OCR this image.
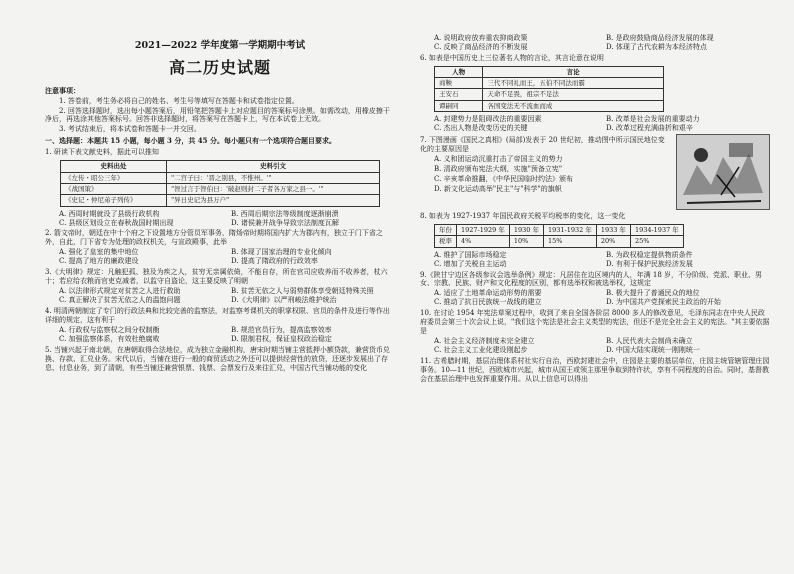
2021—2022 学年度第一学期期中考试
高二历史试题
注意事项：
1. 答卷前，考生务必将自己的姓名、考生号等填写在答题卡和试卷指定位置。
2. 回答选择题时，选出每小题答案后，用铅笔把答题卡上对应题目的答案标号涂黑。如需改动，用橡皮擦干净后，再选涂其他答案标号。回答非选择题时，将答案写在答题卡上，写在本试卷上无效。
3. 考试结束后，将本试卷和答题卡一并交回。
一、选择题：本题共 15 小题，每小题 3 分，共 45 分。每小题只有一个选项符合题目要求。
1. 研读下表文献史料，据此可以推知
史料出处	史料引文
《左传・昭公三年》	"二宫子曰：'晋之别县，不惟州。'"
《战国策》	"智过言于智伯曰：'破赵则封二子者各万家之县一。'"
《史记・仲尼弟子列传》	"异日史记为县万户"
A. 西周时期就设了县级行政机构	B. 西周后期宗法等级制度逐渐崩溃
C. 县级区划设立在春秋战国时期出现	D. 诸侯兼并战争导致宗法制度瓦解
2. 箭文帝时，朝廷在中十个府之下设置地方分管员军事务，隋炀帝时期将国内扩大为郡内有，独立于门下省之外，自此，门下省专为处理的政权机关，与宣政殿事，此举
A. 强化了皇室的集中地位	B. 体现了国家治理的专业化倾向
C. 提高了地方的廉政建设	D. 提高了隋政府的行政效率
3.《大明律》规定：凡触犯孤、独及为疾之人，贫穷无亲属依倚，不能自存，所在官司应收养而不收养者，杖六十；若应给衣粮而官吏克减者，以监守自盗论，这主要反映了明朝
A. 以法律形式规定对贫苦之人进行救助	B. 贫苦无依之人与弱势群体享受朝廷特殊关照
C. 真正解决了贫苦无依之人的温饱问题	D.《大明律》以严刑峻法维护统治
4. 明清两朝制定了专门的行政法典和比较完善的监察法，对监察考课机关的职掌权限、官员的条件及进行等作出详细的规定，这有利于
A. 行政权与监察权之间分权制衡	B. 规范官员行为，提高监察效率
C. 加强监察体系，有效杜绝腐败	D. 限制君权，保证皇权政治稳定
5. 当铺兴起于南北朝，在唐朝取得合法地位，成为独立金融机构，唐宋时期当铺主营抵押小额贷款，兼营货币兑换、存款、汇兑业务。宋代以后，当铺在进行一般的商贸活动之外还可以提供经营性的放贷，还逐步发展出了存息、付息业务，到了清朝，有些当铺还兼营银票、钱票、会票发行及来往汇兑，中国古代当铺功能的变化
A. 说明政府放弃重农抑商政策	B. 是政府鼓励商品经济发展的体现
C. 反映了商品经济的不断发展	D. 体现了古代农耕为本经济特点
6. 如表是中国历史上三位著名人物的言论，其言论意在说明
人物	言论
商鞅	三代不同礼而王，五伯不同法而霸
王安石	天命不足畏，祖宗不足法
谭嗣同	各国变法无不流血而成
A. 封建势力是阻碍改法的重要因素	B. 改革是社会发展的重要动力
C. 杰出人物是改变历史的关键	D. 改革过程充满曲折和艰辛
7. 下图漫画《国民之真相》(局部)发表于 20 世纪初，推动图中所示国民地位变化的主要原因是
A. 义和团运动沉重打击了帝国主义的势力
B. 清政府颁布宪法大纲，实施"预备立宪"
C. 辛亥革命推翻，《中华民国临时约法》颁布
D. 新文化运动高举"民主"与"科学"的旗帜
8. 如表为 1927-1937 年国民政府关税平均税率的变化，这一变化
年份	1927-1929 年	1930 年	1931-1932 年	1933 年	1934-1937 年
税率	4%	10%	15%	20%	25%
A. 维护了国际市场稳定	B. 为政权稳定提供物质条件
C. 增加了关税自主运动	D. 有利于保护民族经济发展
9.《陕甘宁边区各级参议会选举条例》规定：凡居住在边区境内的人，年满 18 岁，不分阶级、党派、职业、男女、宗教、民族、财产和文化程度的区别，都有选举权和被选举权，这规定
A. 适应了土地革命运动形势的需要	B. 极大提升了普通民众的地位
C. 推动了抗日民族统一战线的建立	D. 为中国共产党探索民主政治的开始
10. 在讨论 1954 年宪法草案过程中，收到了来自全国各阶层 8000 多人的修改意见，毛泽东同志在中央人民政府委员会第三十次会议上说，"我们这个宪法是社会主义类型的宪法，但还不是完全社会主义的宪法。"其主要依据是
A. 社会主义经济制度未完全建立	B. 人民代表大会制尚未确立
C. 社会主义工业化建设刚起步	D. 中国大陆实现统一刚刚统一
11. 古希腊时期，基层治理体系村社实行自治，西欧封建社会中，庄园是主要的基层单位，庄园主统管辖管理庄园事务。10—11 世纪，西欧城市兴起，城市从国王或领主那里争取到特许状，享有不同程度的自治。同时，基督教会在基层治理中也发挥重要作用。从以上信息可以得出
